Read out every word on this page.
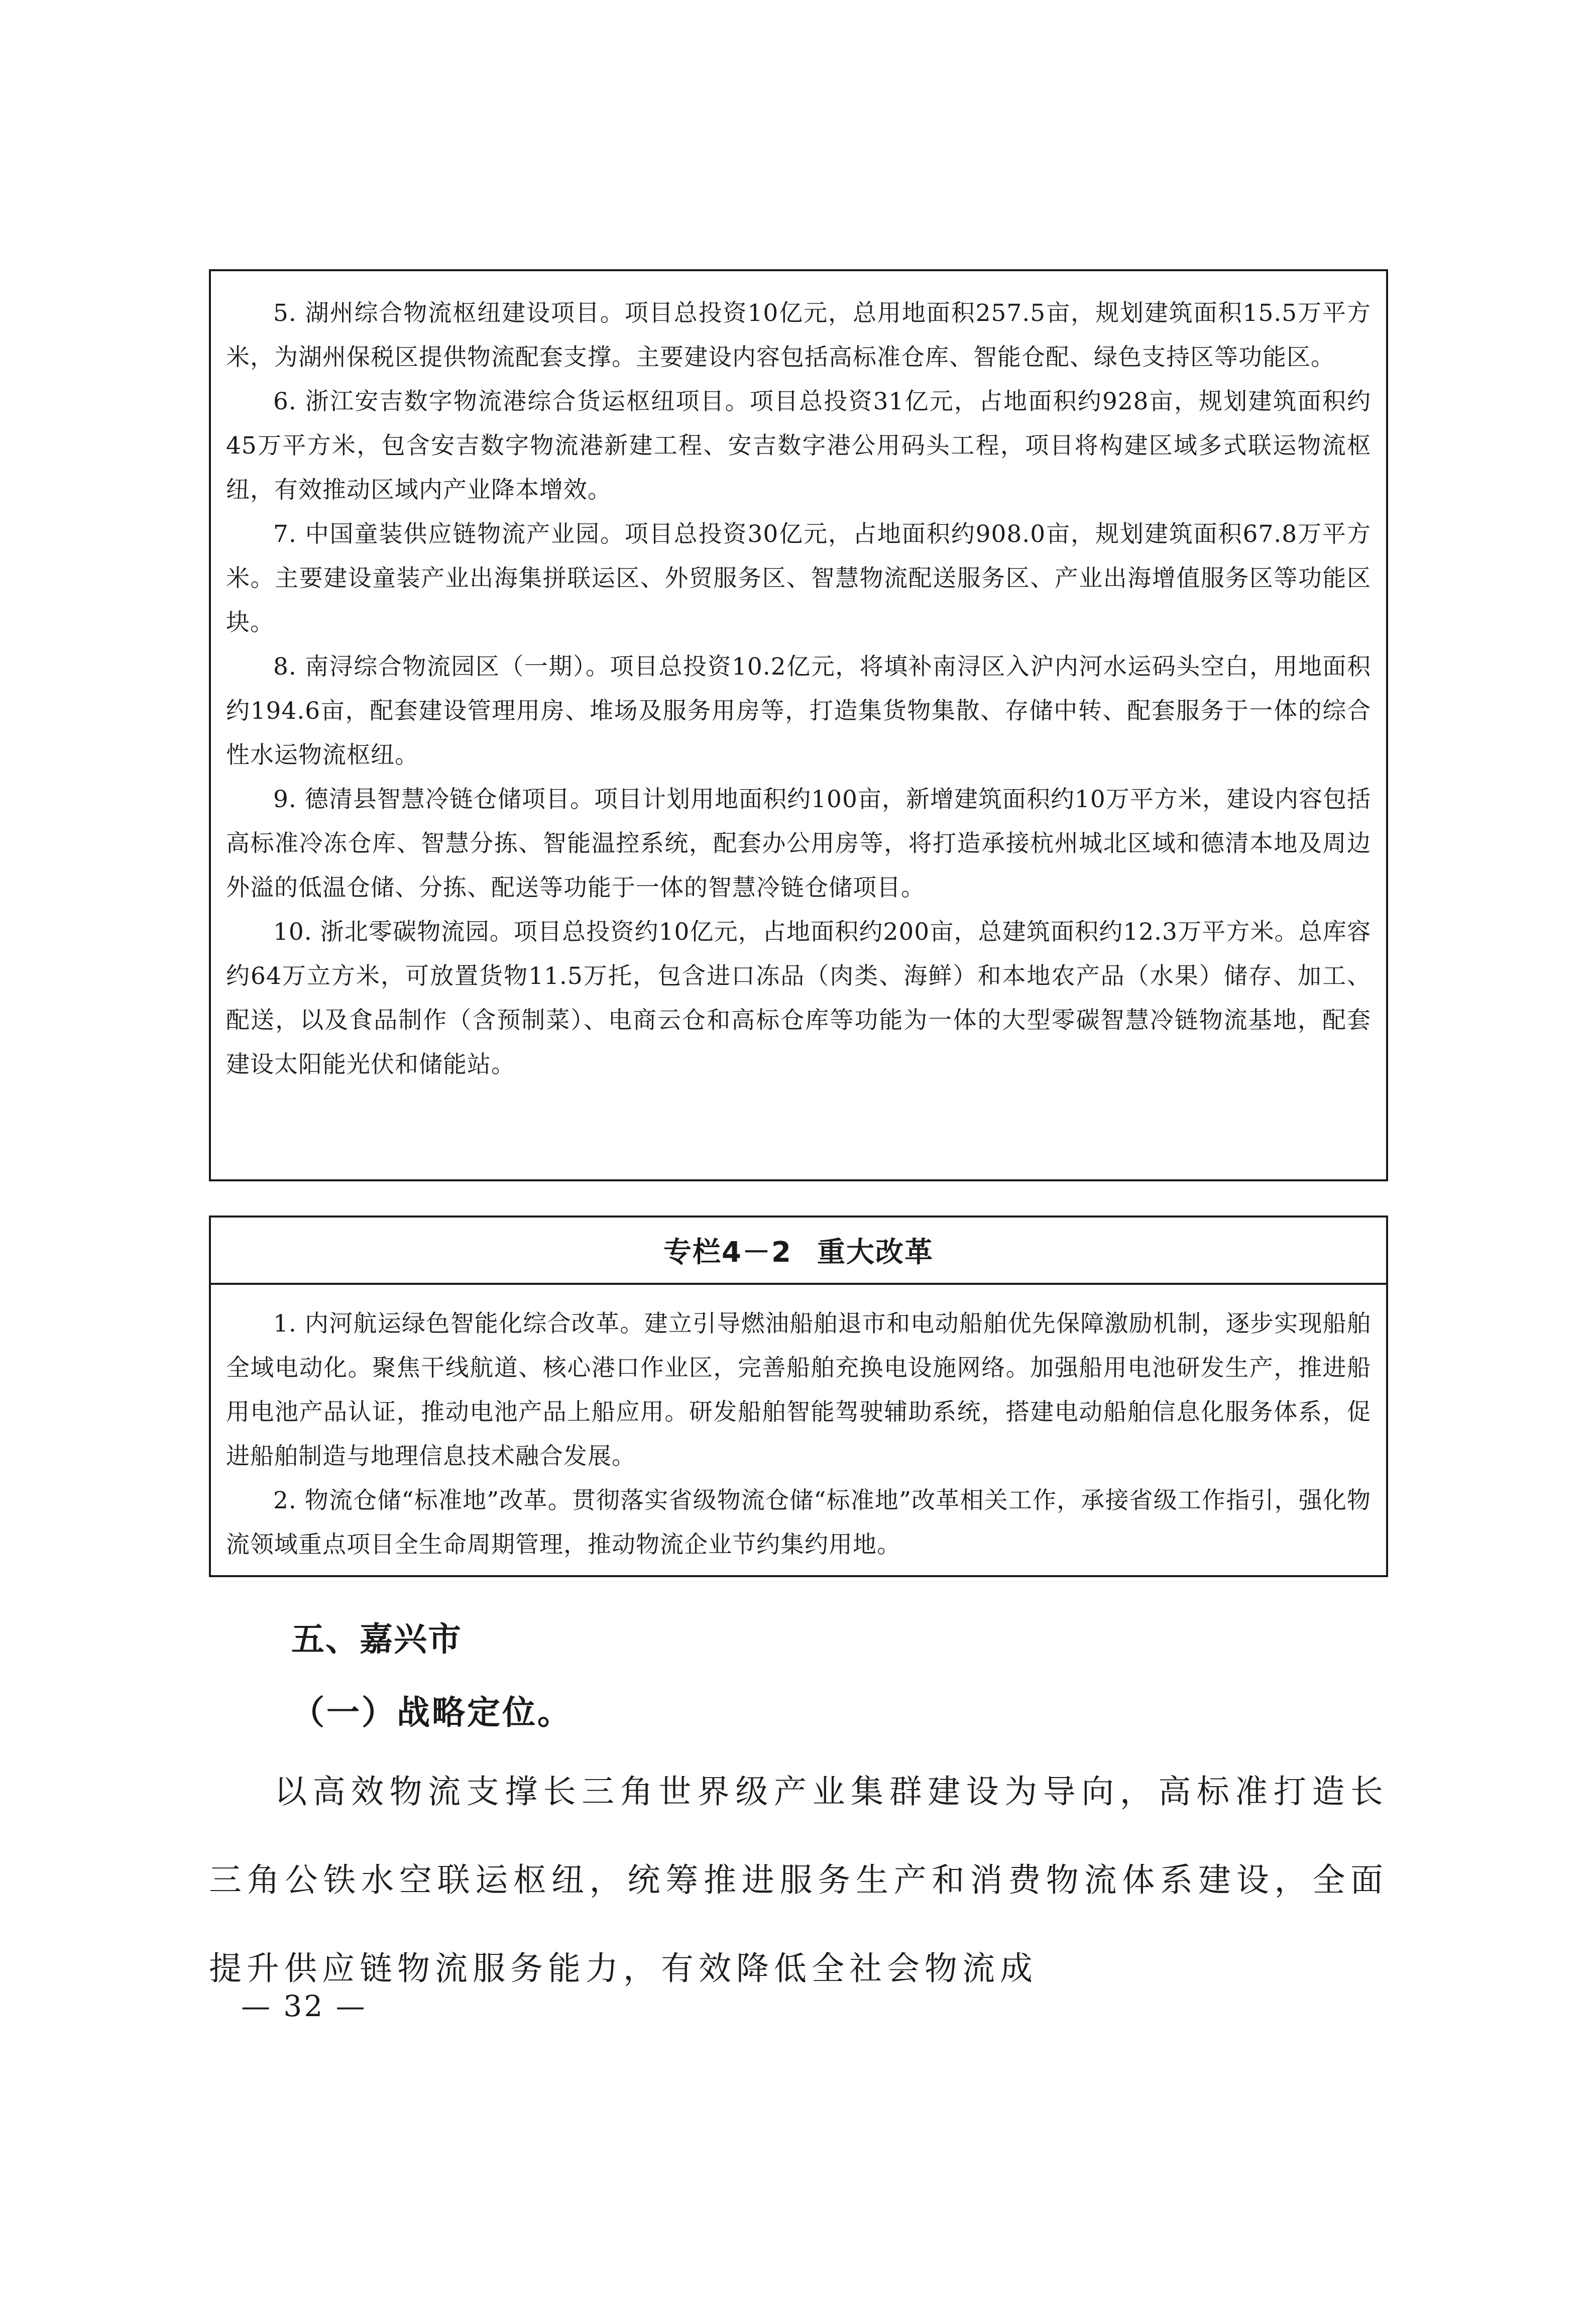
5. 湖州综合物流枢纽建设项目。项目总投资10亿元，总用地面积257.5亩，规划建筑面积15.5万平方米，为湖州保税区提供物流配套支撑。主要建设内容包括高标准仓库、智能仓配、绿色支持区等功能区。

6. 浙江安吉数字物流港综合货运枢纽项目。项目总投资31亿元，占地面积约928亩，规划建筑面积约45万平方米，包含安吉数字物流港新建工程、安吉数字港公用码头工程，项目将构建区域多式联运物流枢纽，有效推动区域内产业降本增效。

7. 中国童装供应链物流产业园。项目总投资30亿元，占地面积约908.0亩，规划建筑面积67.8万平方米。主要建设童装产业出海集拼联运区、外贸服务区、智慧物流配送服务区、产业出海增值服务区等功能区块。

8. 南浔综合物流园区（一期）。项目总投资10.2亿元，将填补南浔区入沪内河水运码头空白，用地面积约194.6亩，配套建设管理用房、堆场及服务用房等，打造集货物集散、存储中转、配套服务于一体的综合性水运物流枢纽。

9. 德清县智慧冷链仓储项目。项目计划用地面积约100亩，新增建筑面积约10万平方米，建设内容包括高标准冷冻仓库、智慧分拣、智能温控系统，配套办公用房等，将打造承接杭州城北区域和德清本地及周边外溢的低温仓储、分拣、配送等功能于一体的智慧冷链仓储项目。

10. 浙北零碳物流园。项目总投资约10亿元，占地面积约200亩，总建筑面积约12.3万平方米。总库容约64万立方米，可放置货物11.5万托，包含进口冻品（肉类、海鲜）和本地农产品（水果）储存、加工、配送，以及食品制作（含预制菜）、电商云仓和高标仓库等功能为一体的大型零碳智慧冷链物流基地，配套建设太阳能光伏和储能站。

专栏4－2 重大改革

1. 内河航运绿色智能化综合改革。建立引导燃油船舶退市和电动船舶优先保障激励机制，逐步实现船舶全域电动化。聚焦干线航道、核心港口作业区，完善船舶充换电设施网络。加强船用电池研发生产，推进船用电池产品认证，推动电池产品上船应用。研发船舶智能驾驶辅助系统，搭建电动船舶信息化服务体系，促进船舶制造与地理信息技术融合发展。

2. 物流仓储“标准地”改革。贯彻落实省级物流仓储“标准地”改革相关工作，承接省级工作指引，强化物流领域重点项目全生命周期管理，推动物流企业节约集约用地。

五、嘉兴市
（一）战略定位。

以高效物流支撑长三角世界级产业集群建设为导向，高标准打造长三角公铁水空联运枢纽，统筹推进服务生产和消费物流体系建设，全面提升供应链物流服务能力，有效降低全社会物流成

— 32 —
